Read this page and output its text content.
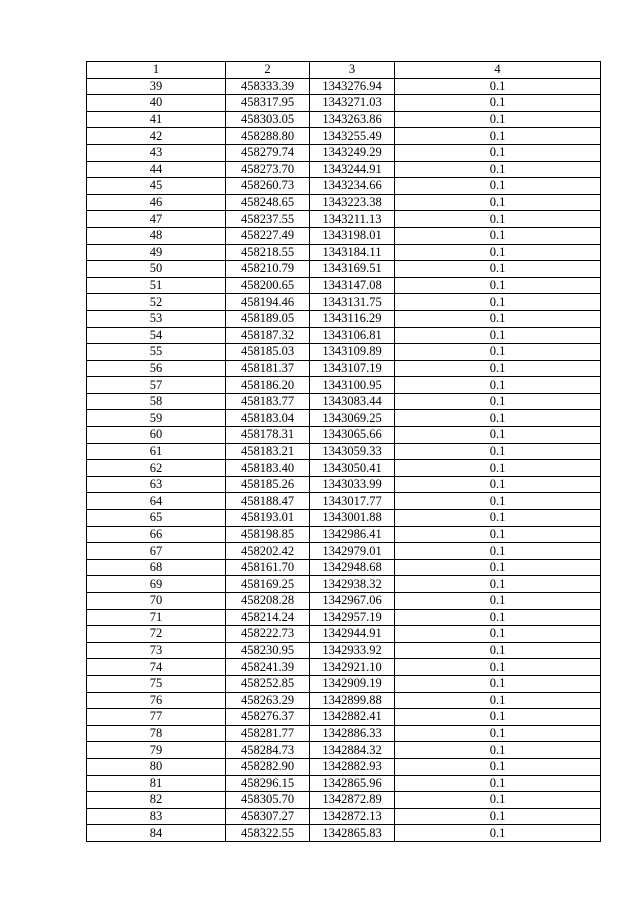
1	2	3	4
39	458333.39	1343276.94	0.1
40	458317.95	1343271.03	0.1
41	458303.05	1343263.86	0.1
42	458288.80	1343255.49	0.1
43	458279.74	1343249.29	0.1
44	458273.70	1343244.91	0.1
45	458260.73	1343234.66	0.1
46	458248.65	1343223.38	0.1
47	458237.55	1343211.13	0.1
48	458227.49	1343198.01	0.1
49	458218.55	1343184.11	0.1
50	458210.79	1343169.51	0.1
51	458200.65	1343147.08	0.1
52	458194.46	1343131.75	0.1
53	458189.05	1343116.29	0.1
54	458187.32	1343106.81	0.1
55	458185.03	1343109.89	0.1
56	458181.37	1343107.19	0.1
57	458186.20	1343100.95	0.1
58	458183.77	1343083.44	0.1
59	458183.04	1343069.25	0.1
60	458178.31	1343065.66	0.1
61	458183.21	1343059.33	0.1
62	458183.40	1343050.41	0.1
63	458185.26	1343033.99	0.1
64	458188.47	1343017.77	0.1
65	458193.01	1343001.88	0.1
66	458198.85	1342986.41	0.1
67	458202.42	1342979.01	0.1
68	458161.70	1342948.68	0.1
69	458169.25	1342938.32	0.1
70	458208.28	1342967.06	0.1
71	458214.24	1342957.19	0.1
72	458222.73	1342944.91	0.1
73	458230.95	1342933.92	0.1
74	458241.39	1342921.10	0.1
75	458252.85	1342909.19	0.1
76	458263.29	1342899.88	0.1
77	458276.37	1342882.41	0.1
78	458281.77	1342886.33	0.1
79	458284.73	1342884.32	0.1
80	458282.90	1342882.93	0.1
81	458296.15	1342865.96	0.1
82	458305.70	1342872.89	0.1
83	458307.27	1342872.13	0.1
84	458322.55	1342865.83	0.1
